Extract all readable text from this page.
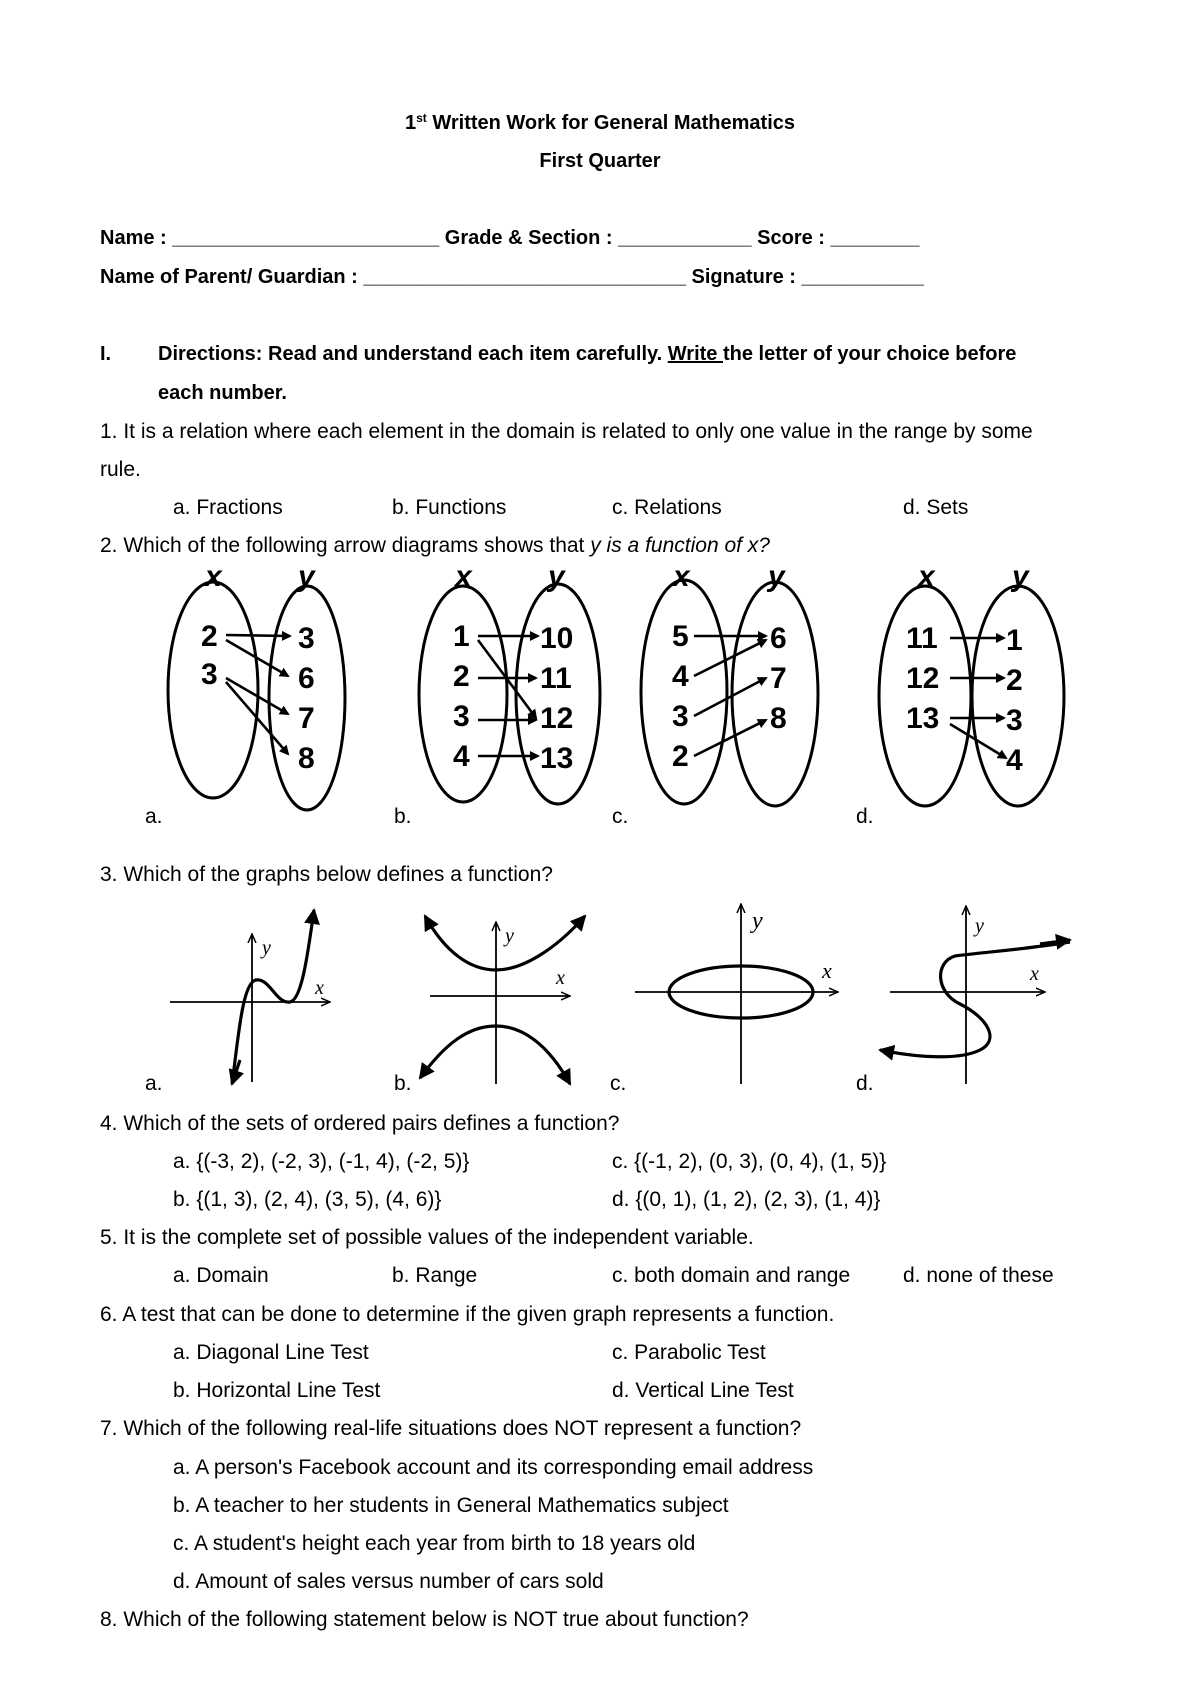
1st Written Work for General Mathematics
First Quarter
Name : ________________________ Grade & Section : ____________ Score : ________
Name of Parent/ Guardian : _____________________________ Signature : ___________
I. Directions: Read and understand each item carefully. Write the letter of your choice before
each number.
1. It is a relation where each element in the domain is related to only one value in the range by some
rule.
a. Fractions	b. Functions	c. Relations	d. Sets
2. Which of the following arrow diagrams shows that y is a function of x?
x	y
2
3
3
6
7
8
a.
x	y
1
2
3
4
10
11
12
13
b.
x	y
5
4
3
2
6
7
8
c.
x	y
11
12
13
1
2
3
4
d.
3. Which of the graphs below defines a function?
y
x
a.
y
x
b.
y
x
c.
y
x
d.
4. Which of the sets of ordered pairs defines a function?
a. {(-3, 2), (-2, 3), (-1, 4), (-2, 5)}	c. {(-1, 2), (0, 3), (0, 4), (1, 5)}
b. {(1, 3), (2, 4), (3, 5), (4, 6)}	d. {(0, 1), (1, 2), (2, 3), (1, 4)}
5. It is the complete set of possible values of the independent variable.
a. Domain	b. Range	c. both domain and range	d. none of these
6. A test that can be done to determine if the given graph represents a function.
a. Diagonal Line Test	c. Parabolic Test
b. Horizontal Line Test	d. Vertical Line Test
7. Which of the following real-life situations does NOT represent a function?
a. A person's Facebook account and its corresponding email address
b. A teacher to her students in General Mathematics subject
c. A student's height each year from birth to 18 years old
d. Amount of sales versus number of cars sold
8. Which of the following statement below is NOT true about function?
